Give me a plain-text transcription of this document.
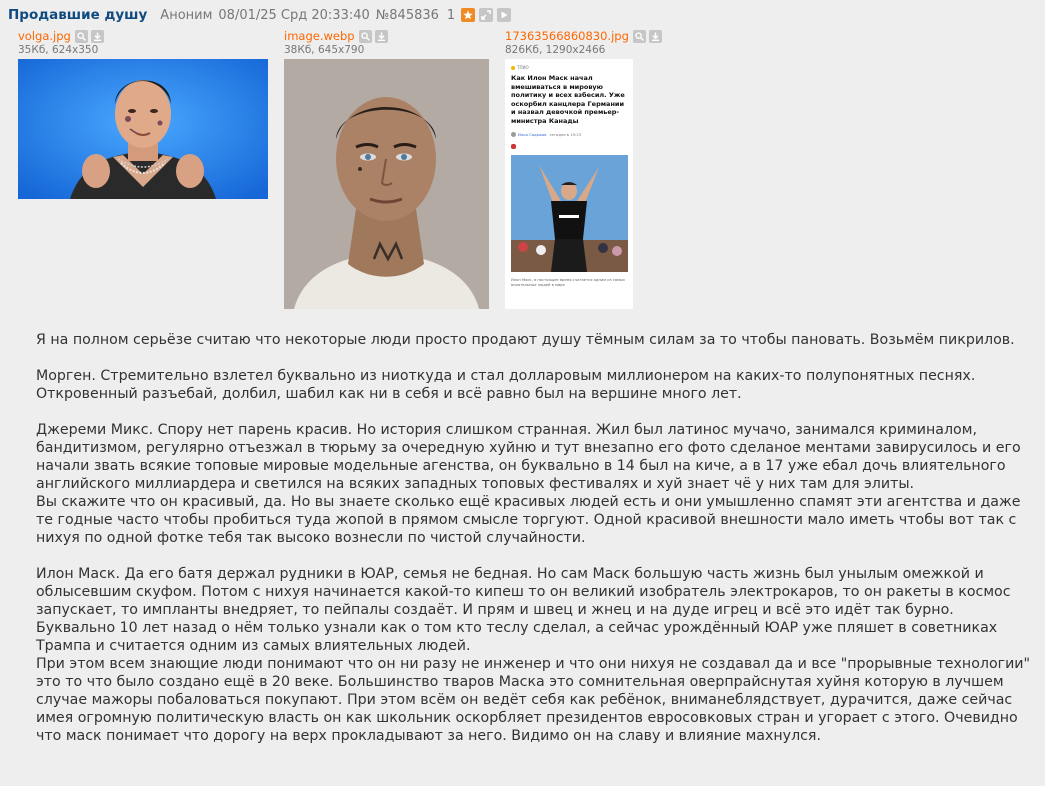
Продавшие душу Аноним 08/01/25 Срд 20:33:40 №845836 1
volga.jpg
35Кб, 624x350
image.webp
38Кб, 645x790
17363566860830.jpg
826Кб, 1290x2466
ТПИО
Как Илон Маск начал вмешиваться в мировую политику и всех взбесил. Уже оскорбил канцлера Германии и назвал девочкой премьер-министра Канады
Илья Садыков сегодня в 19:23
Илон Маск, в настоящее время считается одним из самых влиятельных людей в мире

Я на полном серьёзе считаю что некоторые люди просто продают душу тёмным силам за то чтобы пановать. Возьмём пикрилов.

Морген. Стремительно взлетел буквально из ниоткуда и стал долларовым миллионером на каких-то полупонятных песнях. Откровенный разъебай, долбил, шабил как ни в себя и всё равно был на вершине много лет.

Джереми Микс. Спору нет парень красив. Но история слишком странная. Жил был латинос мучачо, занимался криминалом, бандитизмом, регулярно отъезжал в тюрьму за очередную хуйню и тут внезапно его фото сделаное ментами завирусилось и его начали звать всякие топовые мировые модельные агенства, он буквально в 14 был на киче, а в 17 уже ебал дочь влиятельного английского миллиардера и светился на всяких западных топовых фестивалях и хуй знает чё у них там для элиты.

Вы скажите что он красивый, да. Но вы знаете сколько ещё красивых людей есть и они умышленно спамят эти агентства и даже те годные часто чтобы пробиться туда жопой в прямом смысле торгуют. Одной красивой внешности мало иметь чтобы вот так с нихуя по одной фотке тебя так высоко вознесли по чистой случайности.

Илон Маск. Да его батя держал рудники в ЮАР, семья не бедная. Но сам Маск большую часть жизнь был унылым омежкой и облысевшим скуфом. Потом с нихуя начинается какой-то кипеш то он великий изобратель электрокаров, то он ракеты в космос запускает, то импланты внедряет, то пейпалы создаёт. И прям и швец и жнец и на дуде игрец и всё это идёт так бурно. Буквально 10 лет назад о нём только узнали как о том кто теслу сделал, а сейчас урождённый ЮАР уже пляшет в советниках Трампа и считается одним из самых влиятельных людей.

При этом всем знающие люди понимают что он ни разу не инженер и что они нихуя не создавал да и все "прорывные технологии" это то что было создано ещё в 20 веке. Большинство тваров Маска это сомнительная оверпрайснутая хуйня которую в лучшем случае мажоры побаловаться покупают. При этом всём он ведёт себя как ребёнок, вниманеблядствует, дурачится, даже сейчас имея огромную политическую власть он как школьник оскорбляет президентов евросовковых стран и угорает с этого. Очевидно что маск понимает что дорогу на верх прокладывают за него. Видимо он на славу и влияние махнулся.
